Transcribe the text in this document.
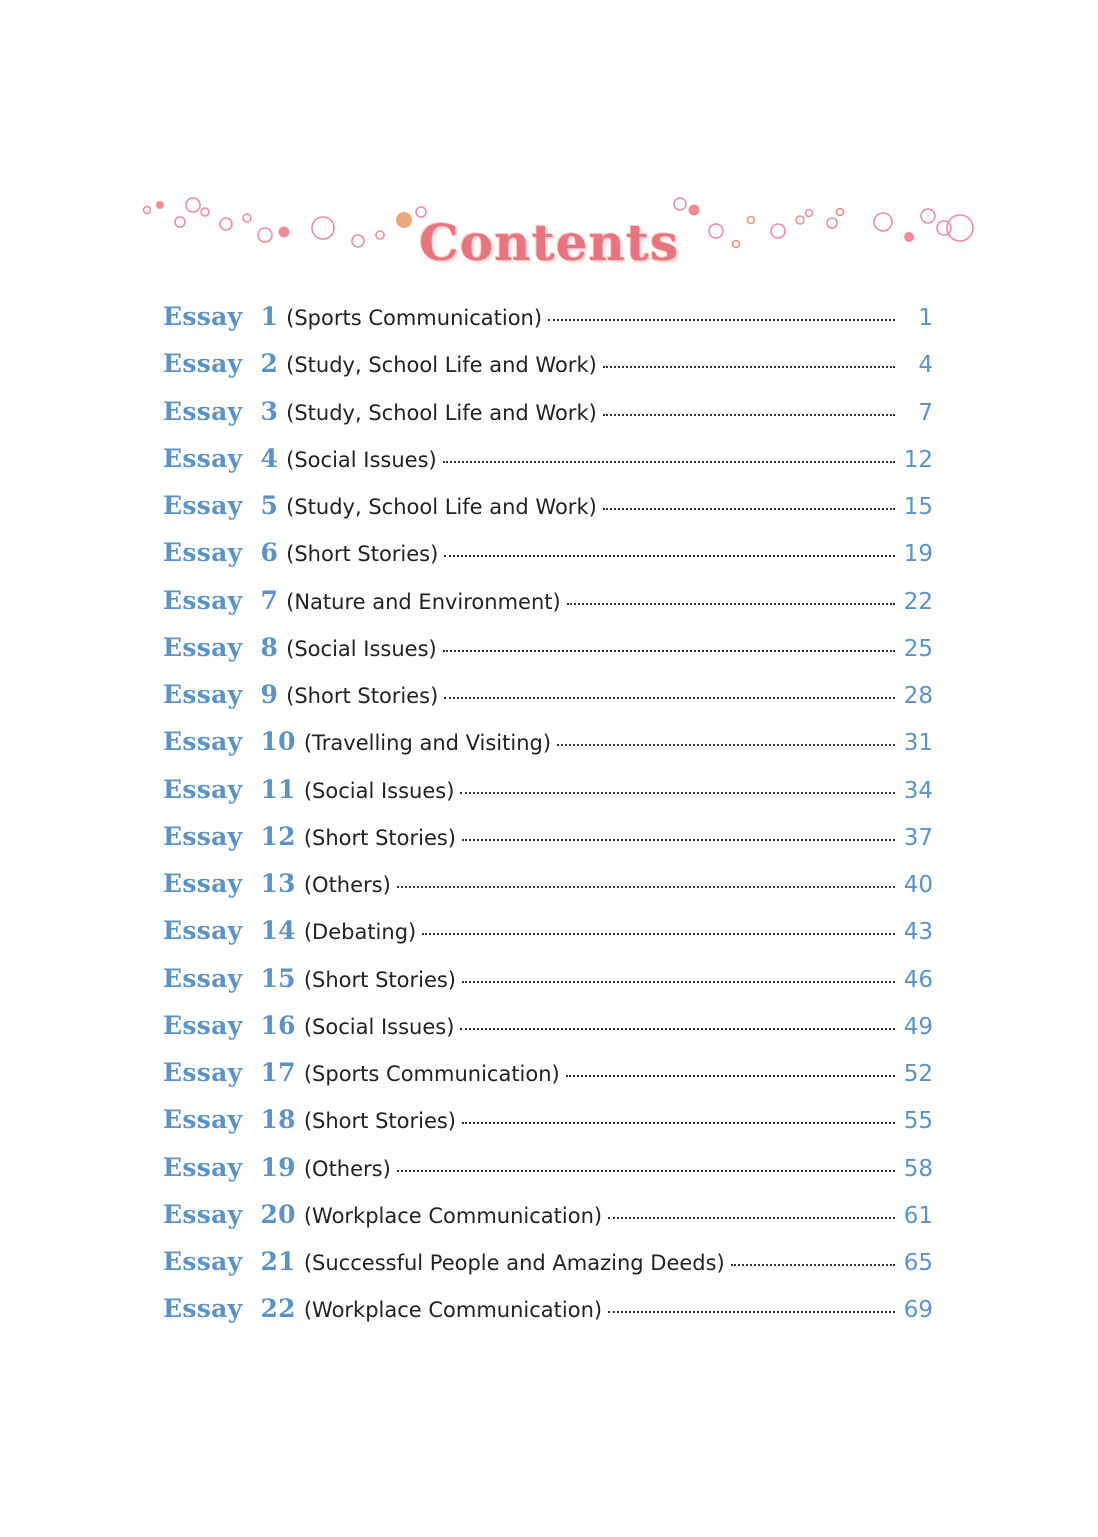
Contents
Essay 1 (Sports Communication)	1
Essay 2 (Study, School Life and Work)	4
Essay 3 (Study, School Life and Work)	7
Essay 4 (Social Issues)	12
Essay 5 (Study, School Life and Work)	15
Essay 6 (Short Stories)	19
Essay 7 (Nature and Environment)	22
Essay 8 (Social Issues)	25
Essay 9 (Short Stories)	28
Essay 10 (Travelling and Visiting)	31
Essay 11 (Social Issues)	34
Essay 12 (Short Stories)	37
Essay 13 (Others)	40
Essay 14 (Debating)	43
Essay 15 (Short Stories)	46
Essay 16 (Social Issues)	49
Essay 17 (Sports Communication)	52
Essay 18 (Short Stories)	55
Essay 19 (Others)	58
Essay 20 (Workplace Communication)	61
Essay 21 (Successful People and Amazing Deeds)	65
Essay 22 (Workplace Communication)	69
